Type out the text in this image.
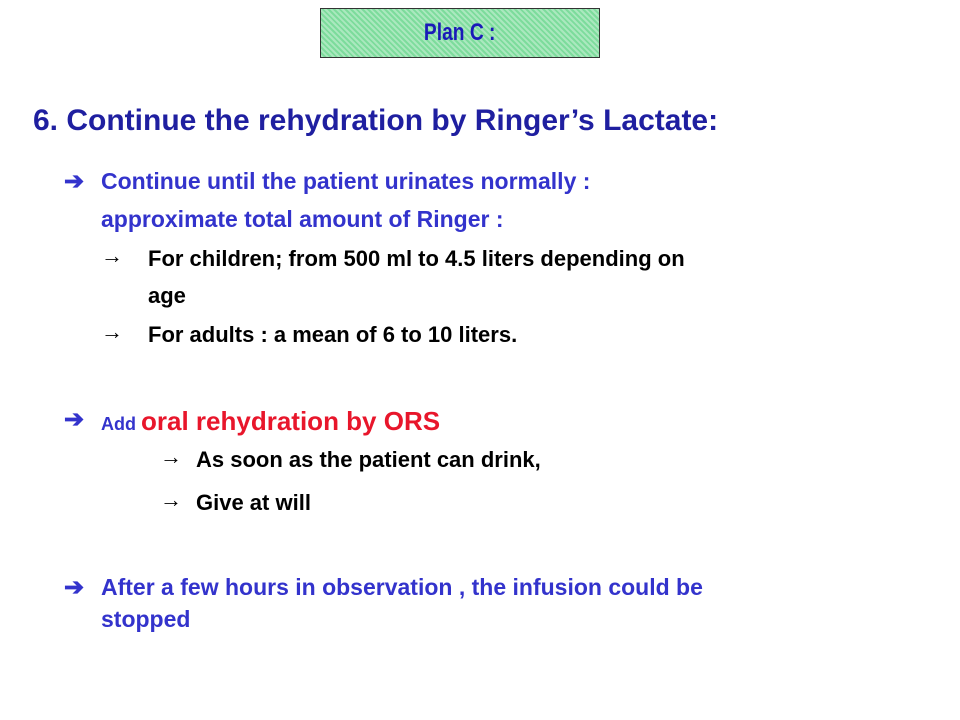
Plan C :
6. Continue the rehydration by Ringer’s Lactate:
➔ Continue until the patient urinates normally :

approximate total amount of Ringer :

→ For children; from 500 ml to 4.5 liters depending on

age

→ For adults : a mean of 6 to 10 liters.

➔ Add oral rehydration by ORS

→ As soon as the patient can drink,

→ Give at will

➔ After a few hours in observation , the infusion could be

stopped
